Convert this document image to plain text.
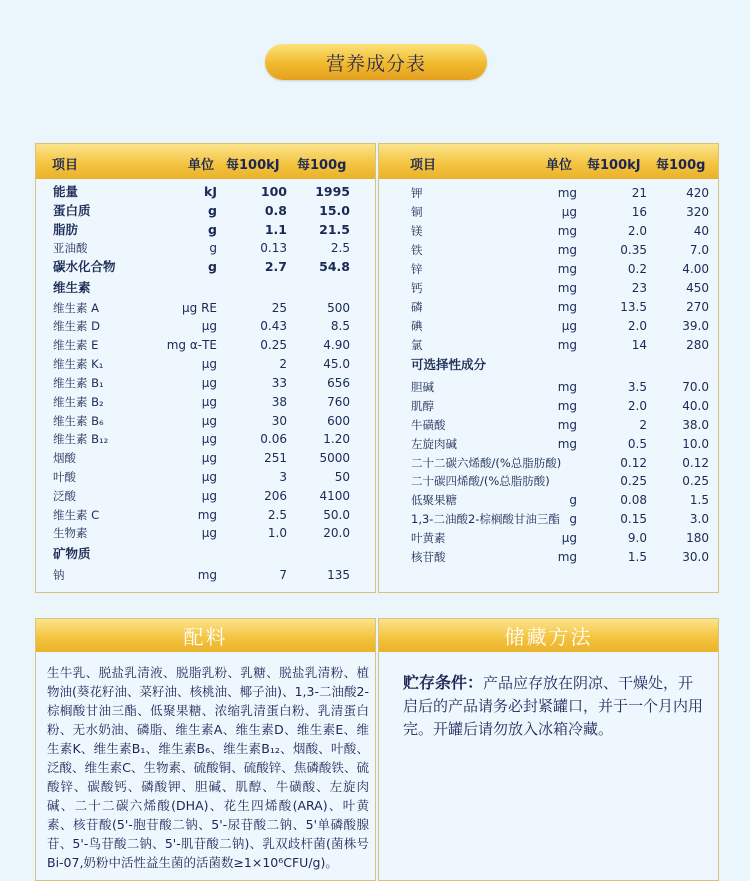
营养成分表
项目	单位 每100kJ 每100g
能量	kJ	100 1995
蛋白质	g	0.8	15.0
脂肪	g	1.1	21.5
亚油酸	g	0.13	2.5
碳水化合物	g	2.7	54.8
维生素
维生素 A	μg RE	25	500
维生素 D	μg	0.43	8.5
维生素 E	mg α-TE	0.25	4.90
维生素 K₁	μg	2	45.0
维生素 B₁	μg	33	656
维生素 B₂	μg	38	760
维生素 B₆	μg	30	600
维生素 B₁₂	μg	0.06	1.20
烟酸	μg	251	5000
叶酸	μg	3	50
泛酸	μg	206	4100
维生素 C	mg	2.5	50.0
生物素	μg	1.0	20.0
矿物质
钠	mg	7	135
项目	单位 每100kJ 每100g
钾	mg	21	420
铜	μg	16	320
镁	mg	2.0	40
铁	mg	0.35	7.0
锌	mg	0.2	4.00
钙	mg	23	450
磷	mg	13.5	270
碘	μg	2.0	39.0
氯	mg	14	280
可选择性成分
胆碱	mg	3.5	70.0
肌醇	mg	2.0	40.0
牛磺酸	mg	2	38.0
左旋肉碱	mg	0.5	10.0
二十二碳六烯酸/(%总脂肪酸)	0.12	0.12
二十碳四烯酸/(%总脂肪酸)	0.25	0.25
低聚果糖	g	0.08	1.5
1,3-二油酸2-棕榈酸甘油三酯 g	0.15	3.0
叶黄素	μg	9.0	180
核苷酸	mg	1.5	30.0
配料
生牛乳、脱盐乳清液、脱脂乳粉、乳糖、脱盐乳清粉、植物油(葵花籽油、菜籽油、核桃油、椰子油)、1,3-二油酸2-棕榈酸甘油三酯、低聚果糖、浓缩乳清蛋白粉、乳清蛋白粉、无水奶油、磷脂、维生素A、维生素D、维生素E、维生素K、维生素B₁、维生素B₆、维生素B₁₂、烟酸、叶酸、泛酸、维生素C、生物素、硫酸铜、硫酸锌、焦磷酸铁、硫酸锌、碳酸钙、磷酸钾、胆碱、肌醇、牛磺酸、左旋肉碱、二十二碳六烯酸(DHA)、花生四烯酸(ARA)、叶黄素、核苷酸(5'-胞苷酸二钠、5'-尿苷酸二钠、5'单磷酸腺苷、5'-鸟苷酸二钠、5'-肌苷酸二钠)、乳双歧杆菌(菌株号Bi-07,奶粉中活性益生菌的活菌数≥1×10⁶CFU/g)。
储藏方法
贮存条件：产品应存放在阴凉、干燥处，开启后的产品请务必封紧罐口，并于一个月内用完。开罐后请勿放入冰箱冷藏。
